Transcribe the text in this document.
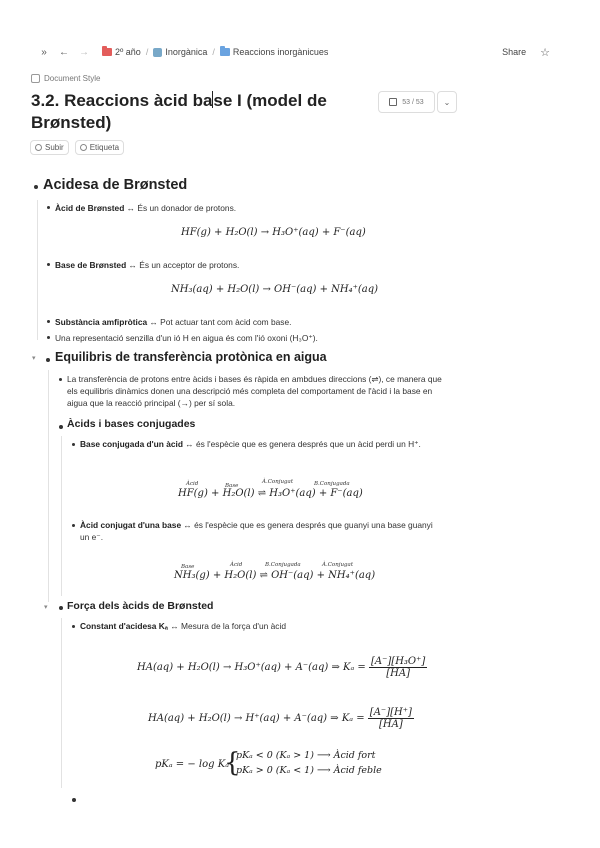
»	←	→	2º año / Inorgànica / Reaccions inorgànicues	Share ☆
Document Style
3.2. Reaccions àcid base I (model de Brønsted)
53 / 53	⌄
Subir	Etiqueta
Acidesa de Brønsted
Àcid de Brønsted ↔ És un donador de protons.
HF(g) + H₂O(l) → H₃O⁺(aq) + F⁻(aq)
Base de Brønsted ↔ És un acceptor de protons.
NH₃(aq) + H₂O(l) → OH⁻(aq) + NH₄⁺(aq)
Substància amfipròtica ↔ Pot actuar tant com àcid com base.
Una representació senzilla d'un ió H en aigua és com l'ió oxoni (H₃O⁺).
▾ Equilibris de transferència protònica en aigua
La transferència de protons entre àcids i bases és ràpida en ambdues direccions (⇌), ce manera que els equilibris dinàmics donen una descripció més completa del comportament de l'àcid i la base en aigua que la reacció principal (→) per sí sola.
Àcids i bases conjugades
Base conjugada d'un àcid ↔ és l'espècie que es genera després que un àcid perdi un H⁺.
Àcid	Base
À.Conjugat	B.Conjugada
HF(g) + H₂O(l) ⇌ H₃O⁺(aq) + F⁻(aq)
Àcid conjugat d'una base ↔ és l'espècie que es genera després que guanyi una base ɡuanyi un e⁻.
Base	Àcid	B.Conjugada	À.Conjugat
NH₃(g) + H₂O(l) ⇌ OH⁻(aq) + NH₄⁺(aq)
▾ Força dels àcids de Brønsted
Constant d'acidesa Kₐ ↔ Mesura de la força d'un àcid
HA(aq) + H₂O(l) → H₃O⁺(aq) + A⁻(aq) ⇒ $K_a = \frac{\text{[A⁻][H₃O⁺]}}{[HA]}$
HA(aq) + H₂O(l) → H⁺(aq) + A⁻(aq) ⇒ $K_a = \frac{[A^-][H^+]}{[HA]}$
pKₐ = − log Kₐ
{
pKₐ < 0 (Kₐ > 1) ⟶ Àcid fort
pKₐ > 0 (Kₐ < 1) ⟶ Àcid feble
